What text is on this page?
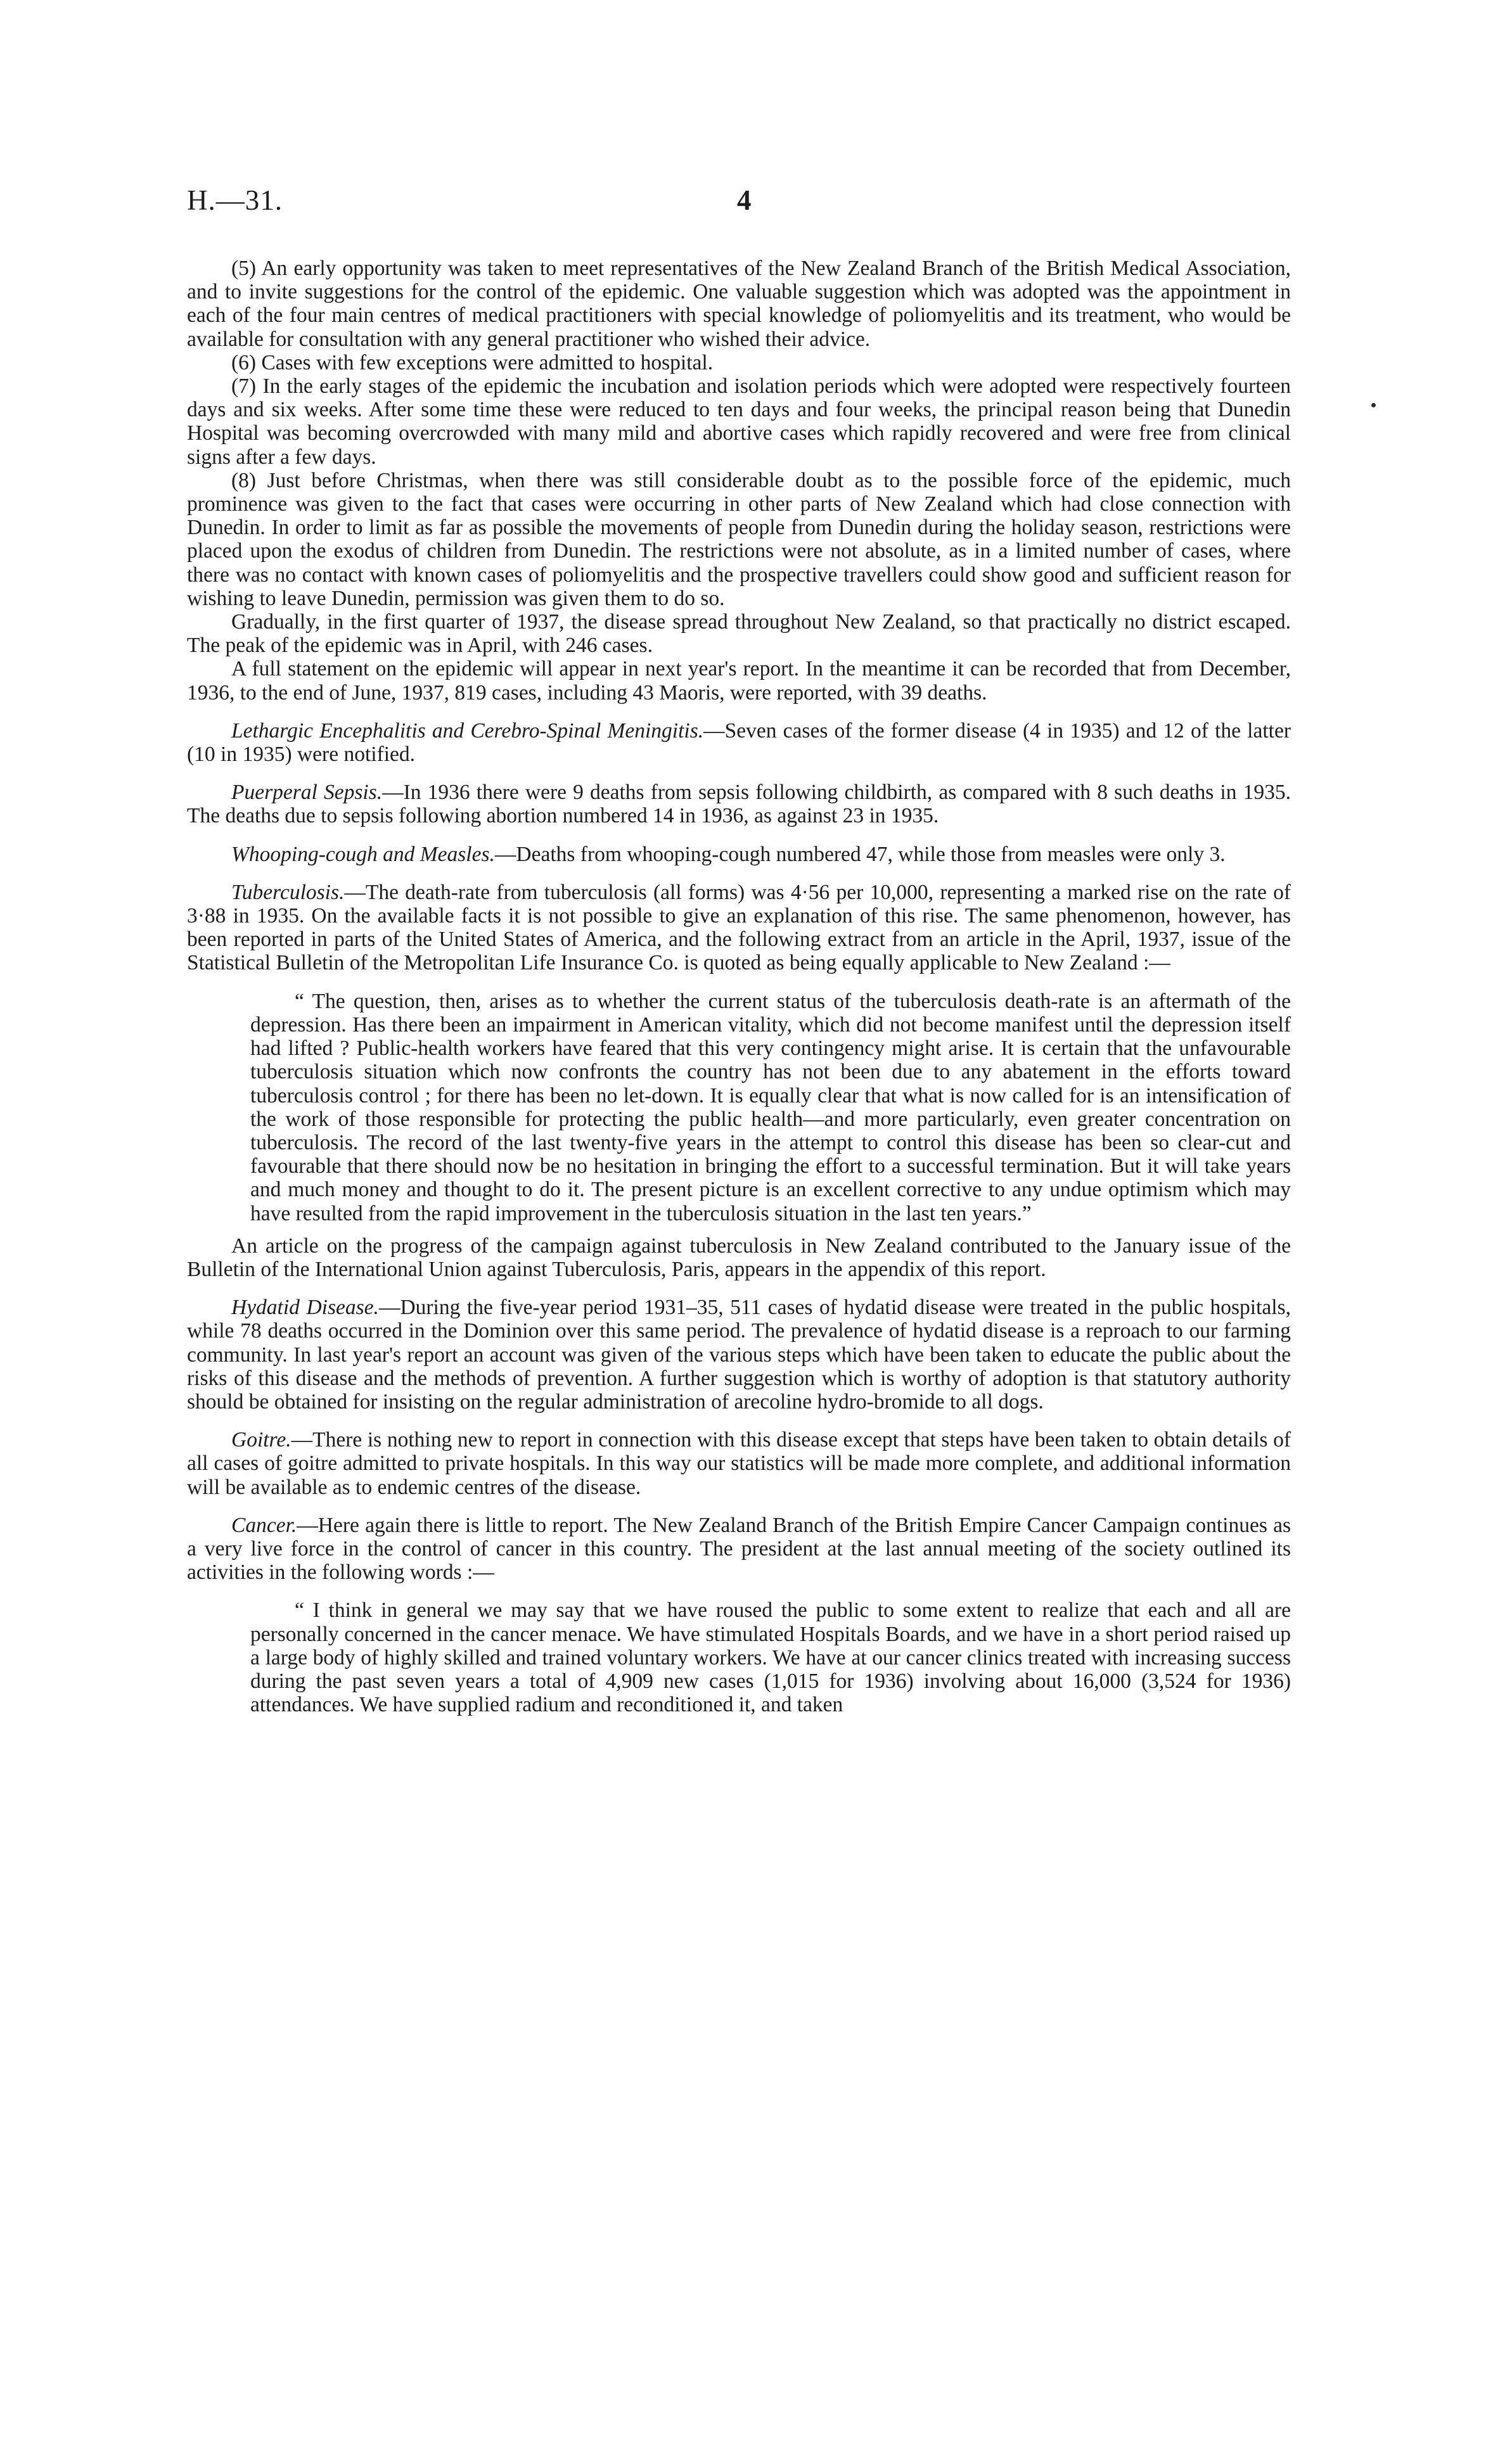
H.—31.	4

(5) An early opportunity was taken to meet representatives of the New Zealand Branch of the British Medical Association, and to invite suggestions for the control of the epidemic. One valuable suggestion which was adopted was the appointment in each of the four main centres of medical practitioners with special knowledge of poliomyelitis and its treatment, who would be available for consultation with any general practitioner who wished their advice.

(6) Cases with few exceptions were admitted to hospital.

(7) In the early stages of the epidemic the incubation and isolation periods which were adopted were respectively fourteen days and six weeks. After some time these were reduced to ten days and four weeks, the principal reason being that Dunedin Hospital was becoming overcrowded with many mild and abortive cases which rapidly recovered and were free from clinical signs after a few days.

(8) Just before Christmas, when there was still considerable doubt as to the possible force of the epidemic, much prominence was given to the fact that cases were occurring in other parts of New Zealand which had close connection with Dunedin. In order to limit as far as possible the movements of people from Dunedin during the holiday season, restrictions were placed upon the exodus of children from Dunedin. The restrictions were not absolute, as in a limited number of cases, where there was no contact with known cases of poliomyelitis and the prospective travellers could show good and sufficient reason for wishing to leave Dunedin, permission was given them to do so.

Gradually, in the first quarter of 1937, the disease spread throughout New Zealand, so that practically no district escaped. The peak of the epidemic was in April, with 246 cases.

A full statement on the epidemic will appear in next year's report. In the meantime it can be recorded that from December, 1936, to the end of June, 1937, 819 cases, including 43 Maoris, were reported, with 39 deaths.

Lethargic Encephalitis and Cerebro-Spinal Meningitis.—Seven cases of the former disease (4 in 1935) and 12 of the latter (10 in 1935) were notified.

Puerperal Sepsis.—In 1936 there were 9 deaths from sepsis following childbirth, as compared with 8 such deaths in 1935. The deaths due to sepsis following abortion numbered 14 in 1936, as against 23 in 1935.

Whooping-cough and Measles.—Deaths from whooping-cough numbered 47, while those from measles were only 3.

Tuberculosis.—The death-rate from tuberculosis (all forms) was 4·56 per 10,000, representing a marked rise on the rate of 3·88 in 1935. On the available facts it is not possible to give an explanation of this rise. The same phenomenon, however, has been reported in parts of the United States of America, and the following extract from an article in the April, 1937, issue of the Statistical Bulletin of the Metropolitan Life Insurance Co. is quoted as being equally applicable to New Zealand :—

“ The question, then, arises as to whether the current status of the tuberculosis death-rate is an aftermath of the depression. Has there been an impairment in American vitality, which did not become manifest until the depression itself had lifted ? Public-health workers have feared that this very contingency might arise. It is certain that the unfavourable tuberculosis situation which now confronts the country has not been due to any abatement in the efforts toward tuberculosis control ; for there has been no let-down. It is equally clear that what is now called for is an intensification of the work of those responsible for protecting the public health—and more particularly, even greater concentration on tuberculosis. The record of the last twenty-five years in the attempt to control this disease has been so clear-cut and favourable that there should now be no hesitation in bringing the effort to a successful termination. But it will take years and much money and thought to do it. The present picture is an excellent corrective to any undue optimism which may have resulted from the rapid improvement in the tuberculosis situation in the last ten years.”

An article on the progress of the campaign against tuberculosis in New Zealand contributed to the January issue of the Bulletin of the International Union against Tuberculosis, Paris, appears in the appendix of this report.

Hydatid Disease.—During the five-year period 1931–35, 511 cases of hydatid disease were treated in the public hospitals, while 78 deaths occurred in the Dominion over this same period. The prevalence of hydatid disease is a reproach to our farming community. In last year's report an account was given of the various steps which have been taken to educate the public about the risks of this disease and the methods of prevention. A further suggestion which is worthy of adoption is that statutory authority should be obtained for insisting on the regular administration of arecoline hydro-bromide to all dogs.

Goitre.—There is nothing new to report in connection with this disease except that steps have been taken to obtain details of all cases of goitre admitted to private hospitals. In this way our statistics will be made more complete, and additional information will be available as to endemic centres of the disease.

Cancer.—Here again there is little to report. The New Zealand Branch of the British Empire Cancer Campaign continues as a very live force in the control of cancer in this country. The president at the last annual meeting of the society outlined its activities in the following words :—

“ I think in general we may say that we have roused the public to some extent to realize that each and all are personally concerned in the cancer menace. We have stimulated Hospitals Boards, and we have in a short period raised up a large body of highly skilled and trained voluntary workers. We have at our cancer clinics treated with increasing success during the past seven years a total of 4,909 new cases (1,015 for 1936) involving about 16,000 (3,524 for 1936) attendances. We have supplied radium and reconditioned it, and taken
